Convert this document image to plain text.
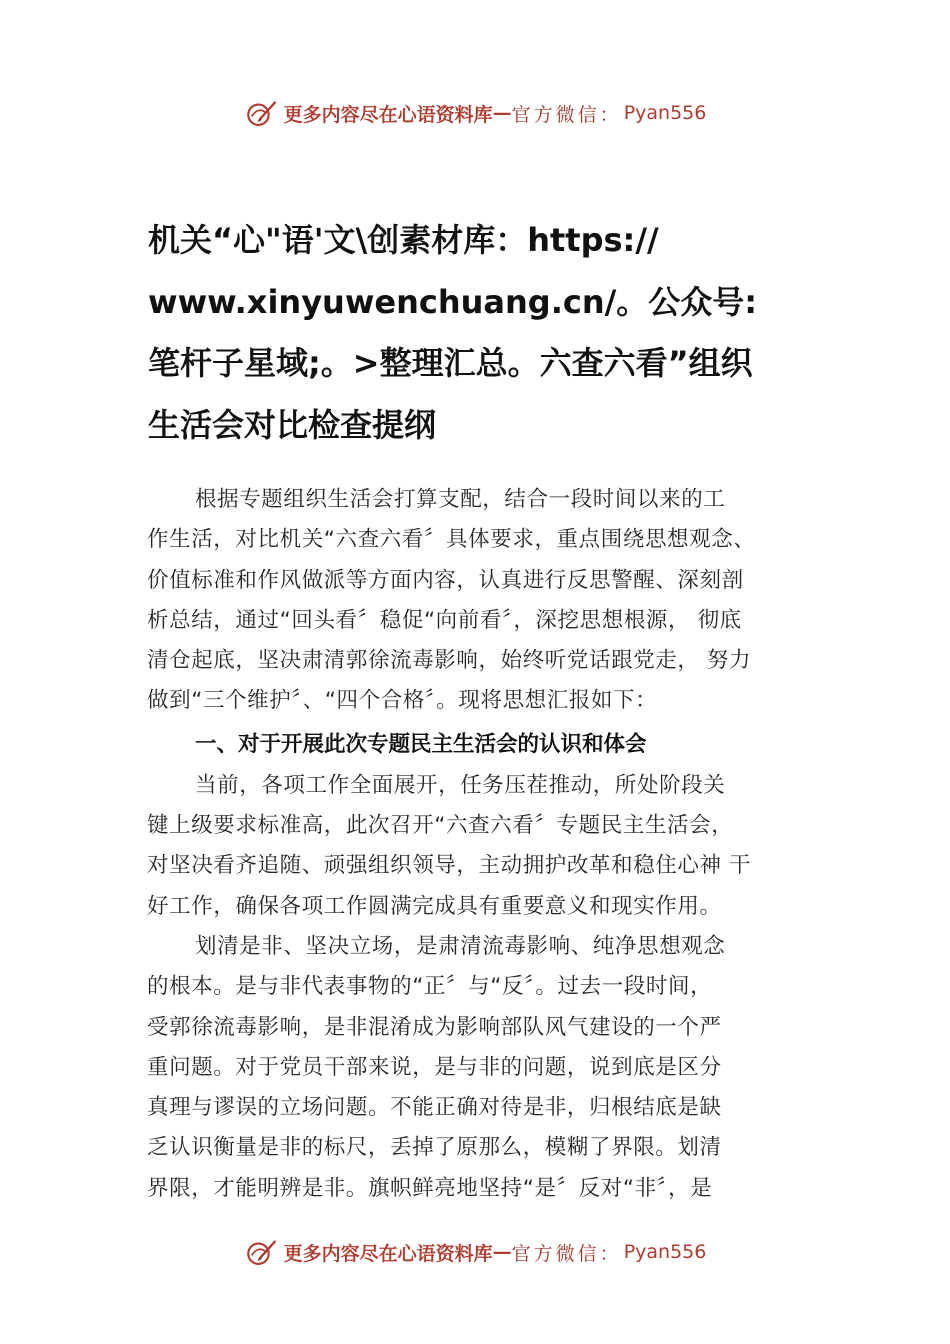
更多内容尽在心语资料库 — 官方微信： Pyan556
机关“心"语'文\创素材库：https://
www.xinyuwenchuang.cn/。公众号:
笔杆子星域;。>整理汇总。六查六看”组织
生活会对比检查提纲
根据专题组织生活会打算支配，结合一段时间以来的工
作生活，对比机关“六查六看〞具体要求，重点围绕思想观念、
价值标准和作风做派等方面内容，认真进行反思警醒、深刻剖
析总结，通过“回头看〞稳促“向前看〞，深挖思想根源， 彻底
清仓起底，坚决肃清郭徐流毒影响，始终听党话跟党走， 努力
做到“三个维护〞、“四个合格〞。现将思想汇报如下：
一、对于开展此次专题民主生活会的认识和体会
当前，各项工作全面展开，任务压茬推动，所处阶段关
键上级要求标准高，此次召开“六查六看〞专题民主生活会，
对坚决看齐追随、顽强组织领导，主动拥护改革和稳住心神 干
好工作，确保各项工作圆满完成具有重要意义和现实作用。
划清是非、坚决立场，是肃清流毒影响、纯净思想观念
的根本。是与非代表事物的“正〞与“反〞。过去一段时间，
受郭徐流毒影响，是非混淆成为影响部队风气建设的一个严
重问题。对于党员干部来说，是与非的问题，说到底是区分
真理与谬误的立场问题。不能正确对待是非，归根结底是缺
乏认识衡量是非的标尺，丢掉了原那么，模糊了界限。划清
界限，才能明辨是非。旗帜鲜亮地坚持“是〞反对“非〞，是
更多内容尽在心语资料库 — 官方微信： Pyan556
